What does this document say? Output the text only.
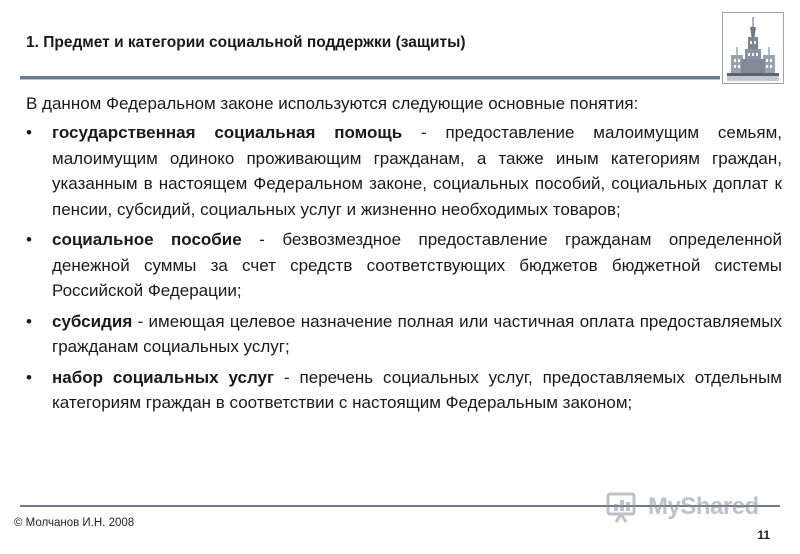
1. Предмет и категории социальной поддержки (защиты)
В данном Федеральном законе используются следующие основные понятия:
• государственная социальная помощь - предоставление малоимущим семьям, малоимущим одиноко проживающим гражданам, а также иным категориям граждан, указанным в настоящем Федеральном законе, социальных пособий, социальных доплат к пенсии, субсидий, социальных услуг и жизненно необходимых товаров;
• социальное пособие - безвозмездное предоставление гражданам определенной денежной суммы за счет средств соответствующих бюджетов бюджетной системы Российской Федерации;
• субсидия - имеющая целевое назначение полная или частичная оплата предоставляемых гражданам социальных услуг;
• набор социальных услуг - перечень социальных услуг, предоставляемых отдельным категориям граждан в соответствии с настоящим Федеральным законом;
MyShared
© Молчанов И.Н. 2008
11
